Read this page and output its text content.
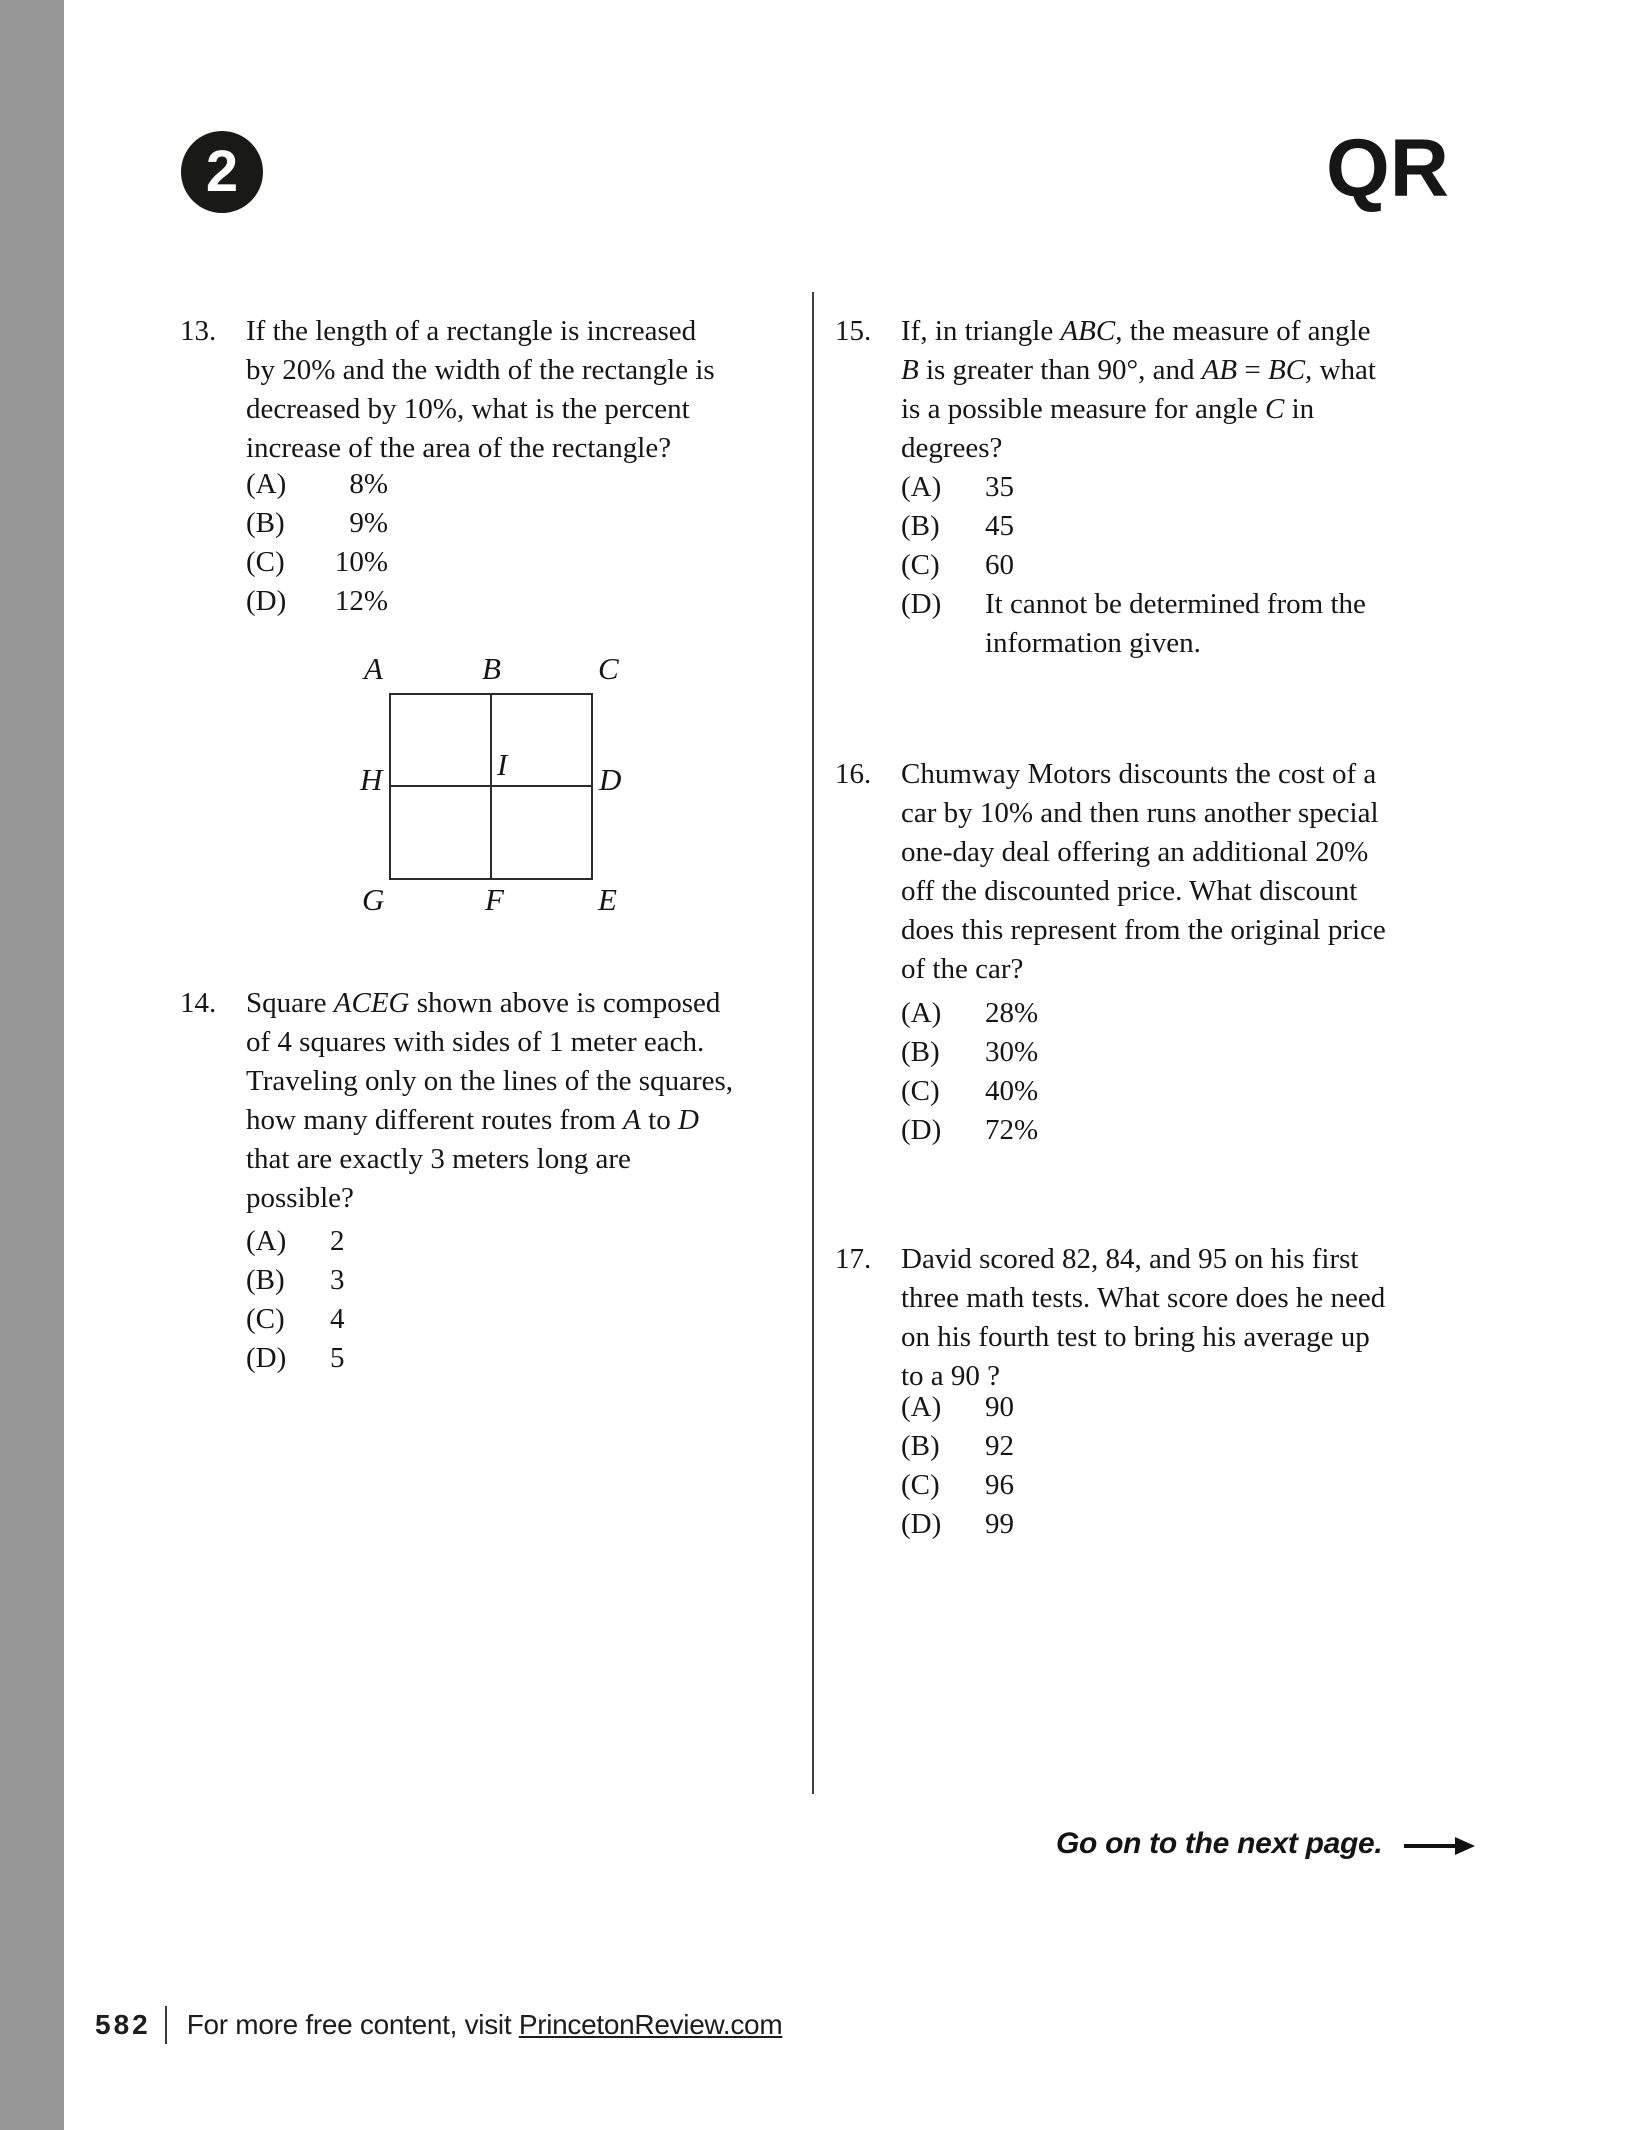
2	QR
13.	If the length of a rectangle is increased
by 20% and the width of the rectangle is
decreased by 10%, what is the percent
increase of the area of the rectangle?
(A)	8%
(B)	9%
(C)	10%
(D)	12%
A	B	C
H	I	D
G	F	E
14.	Square ACEG shown above is composed
of 4 squares with sides of 1 meter each.
Traveling only on the lines of the squares,
how many different routes from A to D
that are exactly 3 meters long are
possible?
(A)	2
(B)	3
(C)	4
(D)	5
15.	If, in triangle ABC, the measure of angle
B is greater than 90°, and AB = BC, what
is a possible measure for angle C in
degrees?
(A)	35
(B)	45
(C)	60
(D)	It cannot be determined from the information given.
16.	Chumway Motors discounts the cost of a
car by 10% and then runs another special
one-day deal offering an additional 20%
off the discounted price. What discount
does this represent from the original price
of the car?
(A)	28%
(B)	30%
(C)	40%
(D)	72%
17.	David scored 82, 84, and 95 on his first
three math tests. What score does he need
on his fourth test to bring his average up
to a 90 ?
(A)	90
(B)	92
(C)	96
(D)	99
Go on to the next page.
582 For more free content, visit PrincetonReview.com
